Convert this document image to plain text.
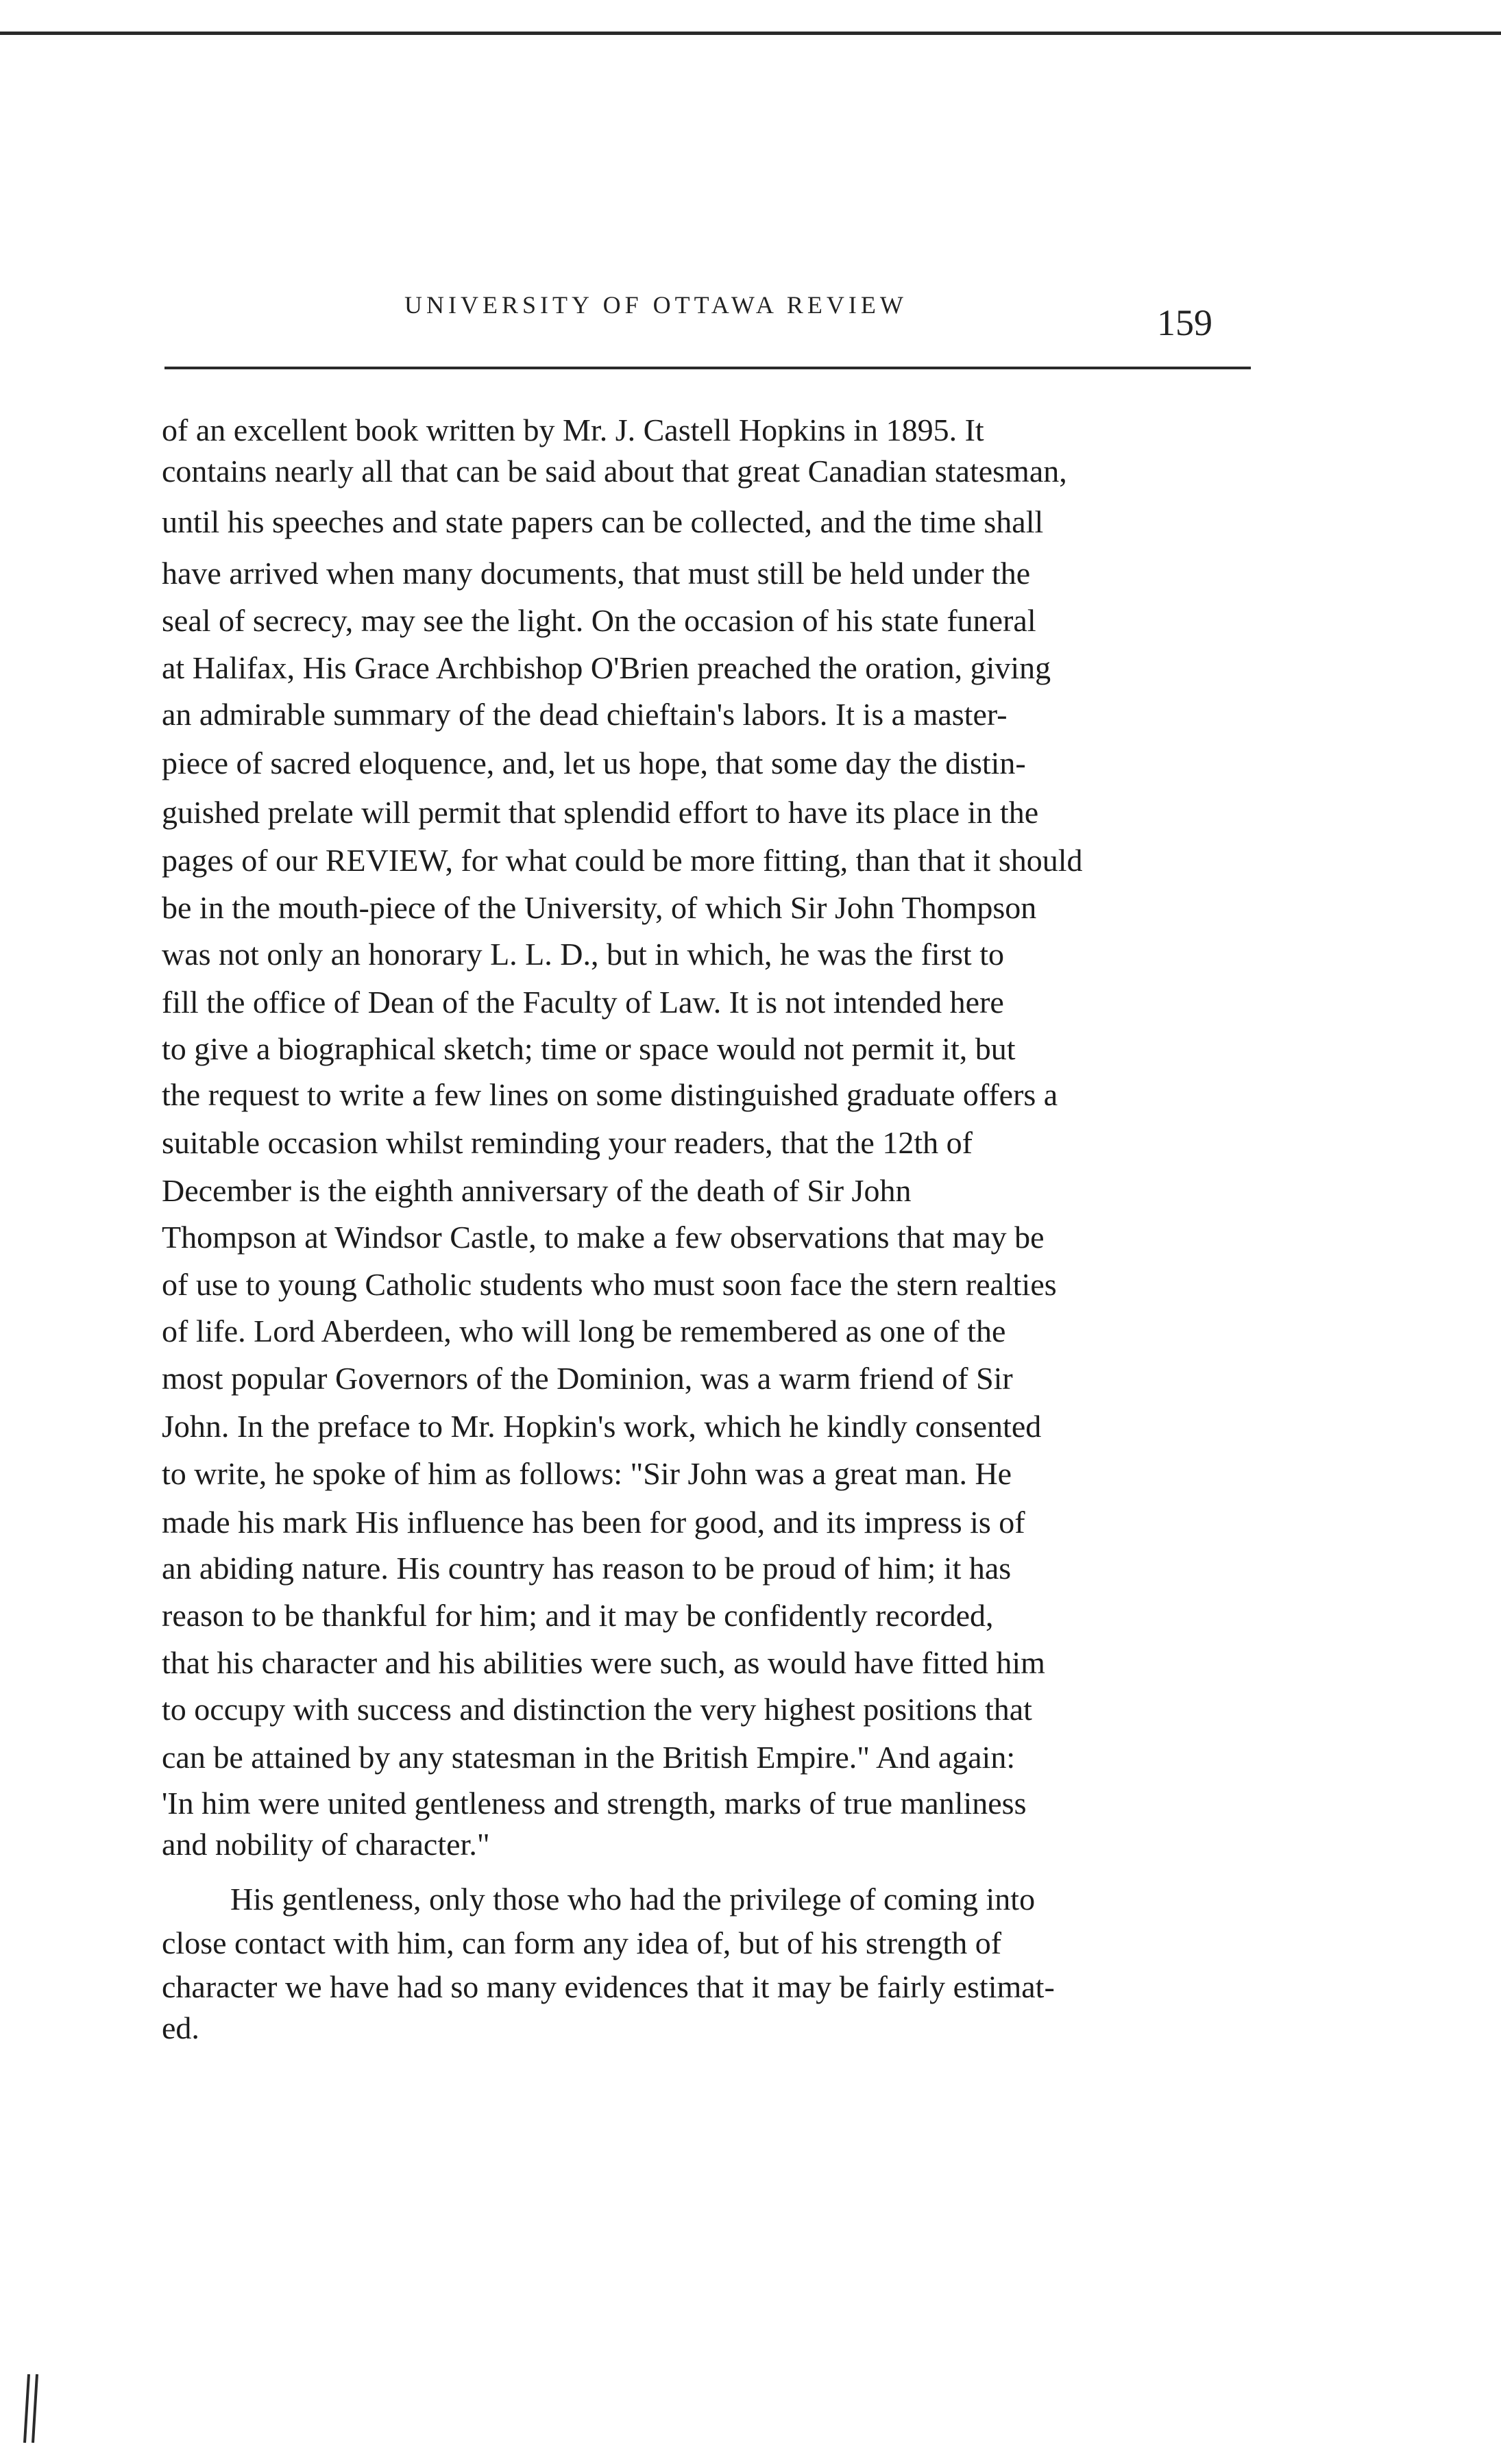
UNIVERSITY OF OTTAWA REVIEW	159
of an excellent book written by Mr. J. Castell Hopkins in 1895. It
contains nearly all that can be said about that great Canadian statesman,
until his speeches and state papers can be collected, and the time shall
have arrived when many documents, that must still be held under the
seal of secrecy, may see the light. On the occasion of his state funeral
at Halifax, His Grace Archbishop O'Brien preached the oration, giving
an admirable summary of the dead chieftain's labors. It is a master-
piece of sacred eloquence, and, let us hope, that some day the distin-
guished prelate will permit that splendid effort to have its place in the
pages of our REVIEW, for what could be more fitting, than that it should
be in the mouth-piece of the University, of which Sir John Thompson
was not only an honorary L. L. D., but in which, he was the first to
fill the office of Dean of the Faculty of Law. It is not intended here
to give a biographical sketch; time or space would not permit it, but
the request to write a few lines on some distinguished graduate offers a
suitable occasion whilst reminding your readers, that the 12th of
December is the eighth anniversary of the death of Sir John
Thompson at Windsor Castle, to make a few observations that may be
of use to young Catholic students who must soon face the stern realties
of life. Lord Aberdeen, who will long be remembered as one of the
most popular Governors of the Dominion, was a warm friend of Sir
John. In the preface to Mr. Hopkin's work, which he kindly consented
to write, he spoke of him as follows: "Sir John was a great man. He
made his mark His influence has been for good, and its impress is of
an abiding nature. His country has reason to be proud of him; it has
reason to be thankful for him; and it may be confidently recorded,
that his character and his abilities were such, as would have fitted him
to occupy with success and distinction the very highest positions that
can be attained by any statesman in the British Empire." And again:
'In him were united gentleness and strength, marks of true manliness
and nobility of character."
His gentleness, only those who had the privilege of coming into
close contact with him, can form any idea of, but of his strength of
character we have had so many evidences that it may be fairly estimat-
ed.
